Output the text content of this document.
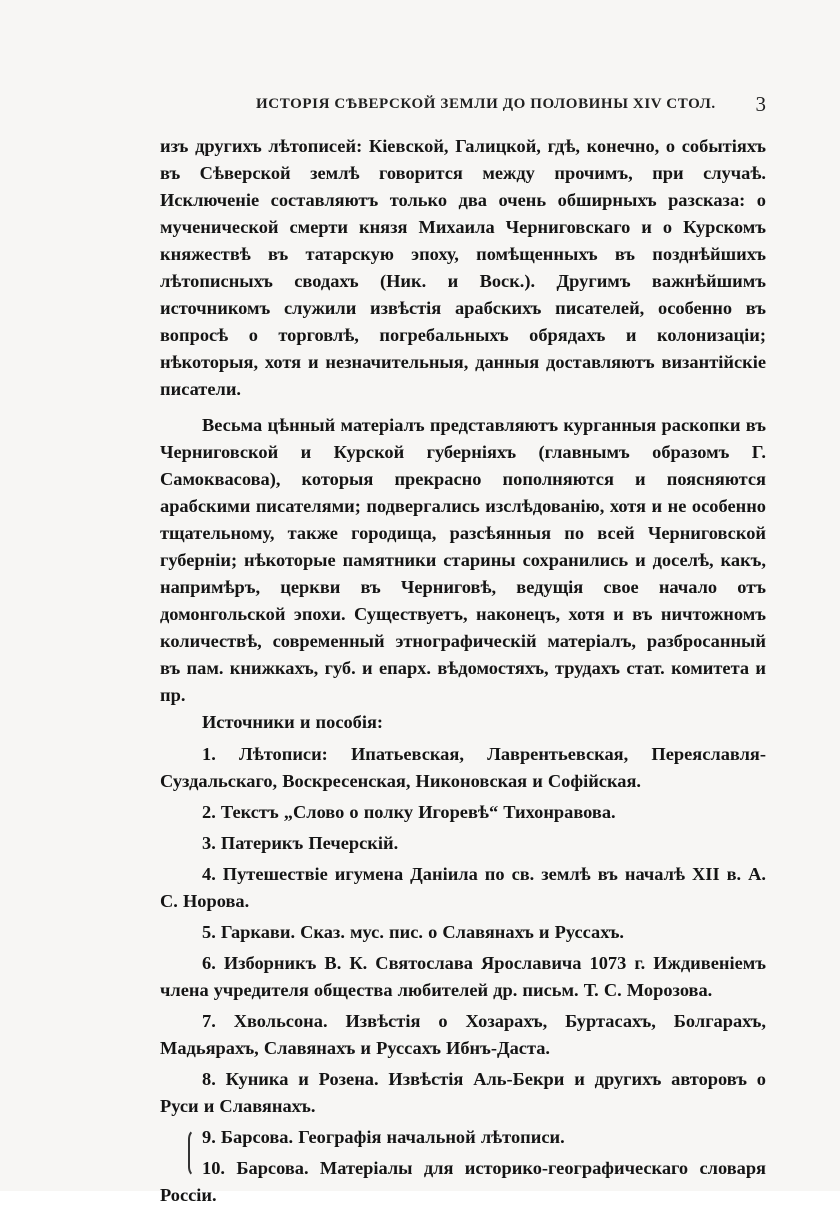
ИСТОРІЯ СѢВЕРСКОЙ ЗЕМЛИ ДО ПОЛОВИНЫ XIV СТОЛ. 3

изъ другихъ лѣтописей: Кіевской, Галицкой, гдѣ, конечно, о событіяхъ въ Сѣверской землѣ говорится между прочимъ, при случаѣ. Исключеніе составляютъ только два очень обширныхъ разсказа: о мученической смерти князя Михаила Черниговскаго и о Курскомъ княжествѣ въ татарскую эпоху, помѣщенныхъ въ позднѣйшихъ лѣтописныхъ сводахъ (Ник. и Воск.). Другимъ важнѣйшимъ источникомъ служили извѣстія арабскихъ писателей, особенно въ вопросѣ о торговлѣ, погребальныхъ обрядахъ и колонизаціи; нѣкоторыя, хотя и незначительныя, данныя доставляютъ византійскіе писатели.

Весьма цѣнный матеріалъ представляютъ курганныя раскопки въ Черниговской и Курской губерніяхъ (главнымъ образомъ Г. Самоквасова), которыя прекрасно пополняются и поясняются арабскими писателями; подвергались изслѣдованію, хотя и не особенно тщательному, также городища, разсѣянныя по всей Черниговской губерніи; нѣкоторые памятники старины сохранились и доселѣ, какъ, напримѣръ, церкви въ Черниговѣ, ведущія свое начало отъ домонгольской эпохи. Существуетъ, наконецъ, хотя и въ ничтожномъ количествѣ, современный этнографическій матеріалъ, разбросанный въ пам. книжкахъ, губ. и епарх. вѣдомостяхъ, трудахъ стат. комитета и пр.

Источники и пособія:

1. Лѣтописи: Ипатьевская, Лаврентьевская, Переяславля-Суздальскаго, Воскресенская, Никоновская и Софійская.

2. Текстъ „Слово о полку Игоревѣ“ Тихонравова.

3. Патерикъ Печерскій.

4. Путешествіе игумена Даніила по св. землѣ въ началѣ XII в. А. С. Норова.

5. Гаркави. Сказ. мус. пис. о Славянахъ и Руссахъ.

6. Изборникъ В. К. Святослава Ярославича 1073 г. Иждивеніемъ члена учредителя общества любителей др. письм. Т. С. Морозова.

7. Хвольсона. Извѣстія о Хозарахъ, Буртасахъ, Болгарахъ, Мадьярахъ, Славянахъ и Руссахъ Ибнъ-Даста.

8. Куника и Розена. Извѣстія Аль-Бекри и другихъ авторовъ о Руси и Славянахъ.

9. Барсова. Географія начальной лѣтописи.

10. Барсова. Матеріалы для историко-географическаго словаря Россіи.
